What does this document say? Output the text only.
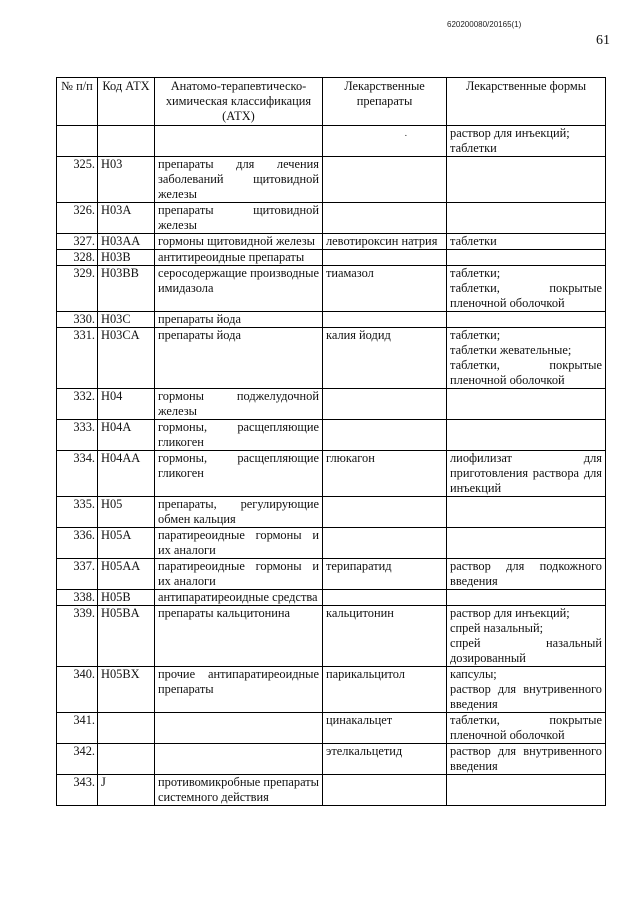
620200080/20165(1)
61
№ п/п	Код АТХ	Анатомо-терапевтическо-химическая классификация (АТХ)	Лекарственные препараты	Лекарственные формы

			.	раствор для инъекций;
таблетки

325.	H03	препараты для лечения заболеваний щитовидной железы		
326.	H03A	препараты щитовидной железы		
327.	H03AA	гормоны щитовидной железы	левотироксин натрия	таблетки

328.	H03B	антитиреоидные препараты		
329.	H03BB	серосодержащие производные имидазола	тиамазол	таблетки;
таблетки, покрытые пленочной оболочкой

330.	H03C	препараты йода		
331.	H03CA	препараты йода	калия йодид	таблетки;
таблетки жевательные;
таблетки, покрытые пленочной оболочкой

332.	H04	гормоны поджелудочной железы		
333.	H04A	гормоны, расщепляющие гликоген		
334.	H04AA	гормоны, расщепляющие гликоген	глюкагон	лиофилизат для приготовления раствора для инъекций

335.	H05	препараты, регулирующие обмен кальция		
336.	H05A	паратиреоидные гормоны и их аналоги		
337.	H05AA	паратиреоидные гормоны и их аналоги	терипаратид	раствор для подкожного введения

338.	H05B	антипаратиреоидные средства		
339.	H05BA	препараты кальцитонина	кальцитонин	раствор для инъекций;
спрей назальный;
спрей назальный дозированный

340.	H05BX	прочие антипаратиреоидные препараты	парикальцитол	капсулы;
раствор для внутривенного введения

341.			цинакальцет	таблетки, покрытые пленочной оболочкой

342.			этелкальцетид	раствор для внутривенного введения

343.	J	противомикробные препараты системного действия		
